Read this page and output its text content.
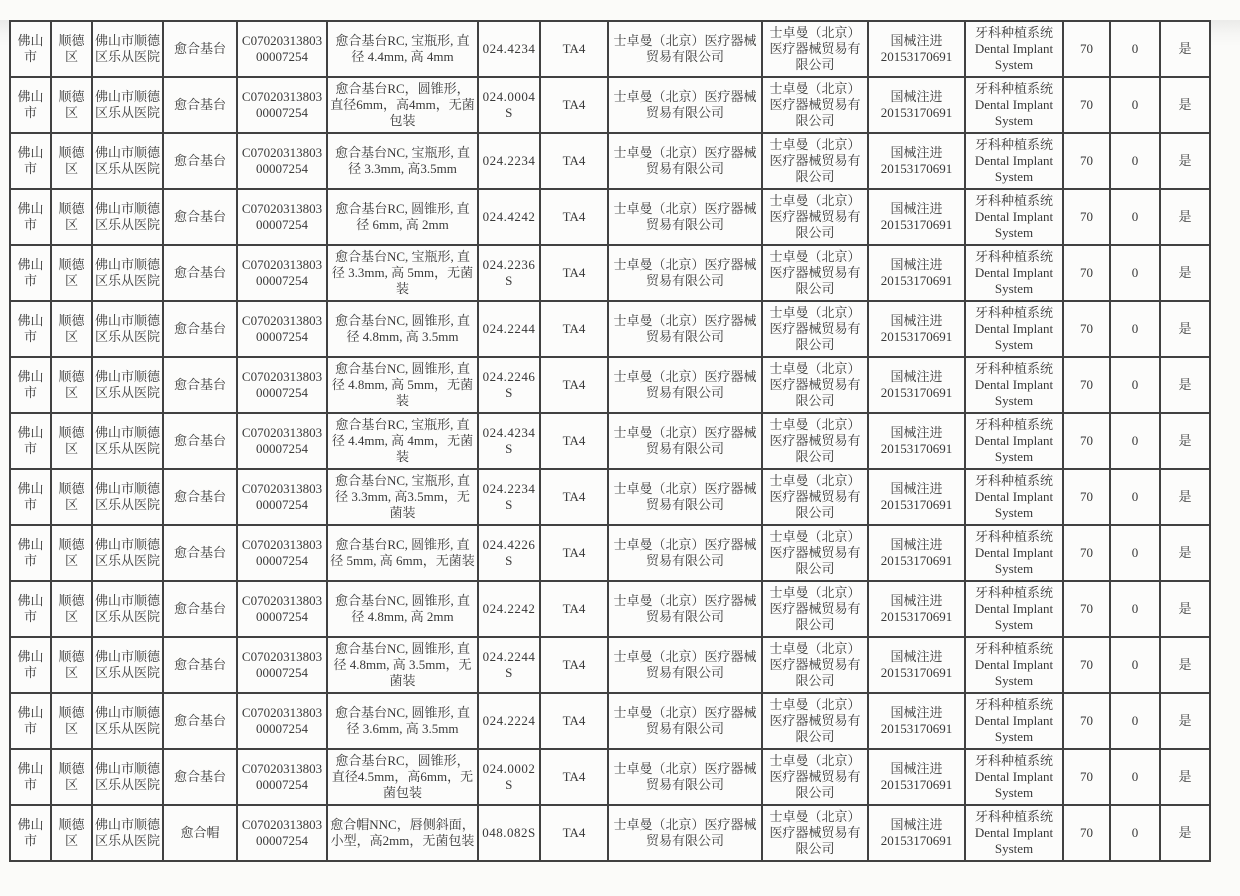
佛山市	顺德区	佛山市顺德区乐从医院	愈合基台	C0702031380300007254	愈合基台RC, 宝瓶形, 直径 4.4mm, 高 4mm	024.4234	TA4	士卓曼（北京）医疗器械贸易有限公司	士卓曼（北京）医疗器械贸易有限公司	国械注进 20153170691	牙科种植系统 Dental Implant System	70	0	是
佛山市	顺德区	佛山市顺德区乐从医院	愈合基台	C0702031380300007254	愈合基台RC，圆锥形，直径6mm，高4mm，无菌包装	024.0004S	TA4	士卓曼（北京）医疗器械贸易有限公司	士卓曼（北京）医疗器械贸易有限公司	国械注进 20153170691	牙科种植系统 Dental Implant System	70	0	是
佛山市	顺德区	佛山市顺德区乐从医院	愈合基台	C0702031380300007254	愈合基台NC, 宝瓶形, 直径 3.3mm, 高3.5mm	024.2234	TA4	士卓曼（北京）医疗器械贸易有限公司	士卓曼（北京）医疗器械贸易有限公司	国械注进 20153170691	牙科种植系统 Dental Implant System	70	0	是
佛山市	顺德区	佛山市顺德区乐从医院	愈合基台	C0702031380300007254	愈合基台RC, 圆锥形, 直径 6mm, 高 2mm	024.4242	TA4	士卓曼（北京）医疗器械贸易有限公司	士卓曼（北京）医疗器械贸易有限公司	国械注进 20153170691	牙科种植系统 Dental Implant System	70	0	是
佛山市	顺德区	佛山市顺德区乐从医院	愈合基台	C0702031380300007254	愈合基台NC, 宝瓶形, 直径 3.3mm, 高 5mm，无菌装	024.2236S	TA4	士卓曼（北京）医疗器械贸易有限公司	士卓曼（北京）医疗器械贸易有限公司	国械注进 20153170691	牙科种植系统 Dental Implant System	70	0	是
佛山市	顺德区	佛山市顺德区乐从医院	愈合基台	C0702031380300007254	愈合基台NC, 圆锥形, 直径 4.8mm, 高 3.5mm	024.2244	TA4	士卓曼（北京）医疗器械贸易有限公司	士卓曼（北京）医疗器械贸易有限公司	国械注进 20153170691	牙科种植系统 Dental Implant System	70	0	是
佛山市	顺德区	佛山市顺德区乐从医院	愈合基台	C0702031380300007254	愈合基台NC, 圆锥形, 直径 4.8mm, 高 5mm，无菌装	024.2246S	TA4	士卓曼（北京）医疗器械贸易有限公司	士卓曼（北京）医疗器械贸易有限公司	国械注进 20153170691	牙科种植系统 Dental Implant System	70	0	是
佛山市	顺德区	佛山市顺德区乐从医院	愈合基台	C0702031380300007254	愈合基台RC, 宝瓶形, 直径 4.4mm, 高 4mm，无菌装	024.4234S	TA4	士卓曼（北京）医疗器械贸易有限公司	士卓曼（北京）医疗器械贸易有限公司	国械注进 20153170691	牙科种植系统 Dental Implant System	70	0	是
佛山市	顺德区	佛山市顺德区乐从医院	愈合基台	C0702031380300007254	愈合基台NC, 宝瓶形, 直径 3.3mm, 高3.5mm，无菌装	024.2234S	TA4	士卓曼（北京）医疗器械贸易有限公司	士卓曼（北京）医疗器械贸易有限公司	国械注进 20153170691	牙科种植系统 Dental Implant System	70	0	是
佛山市	顺德区	佛山市顺德区乐从医院	愈合基台	C0702031380300007254	愈合基台RC, 圆锥形, 直径 5mm, 高 6mm，无菌装	024.4226S	TA4	士卓曼（北京）医疗器械贸易有限公司	士卓曼（北京）医疗器械贸易有限公司	国械注进 20153170691	牙科种植系统 Dental Implant System	70	0	是
佛山市	顺德区	佛山市顺德区乐从医院	愈合基台	C0702031380300007254	愈合基台NC, 圆锥形, 直径 4.8mm, 高 2mm	024.2242	TA4	士卓曼（北京）医疗器械贸易有限公司	士卓曼（北京）医疗器械贸易有限公司	国械注进 20153170691	牙科种植系统 Dental Implant System	70	0	是
佛山市	顺德区	佛山市顺德区乐从医院	愈合基台	C0702031380300007254	愈合基台NC, 圆锥形, 直径 4.8mm, 高 3.5mm，无菌装	024.2244S	TA4	士卓曼（北京）医疗器械贸易有限公司	士卓曼（北京）医疗器械贸易有限公司	国械注进 20153170691	牙科种植系统 Dental Implant System	70	0	是
佛山市	顺德区	佛山市顺德区乐从医院	愈合基台	C0702031380300007254	愈合基台NC, 圆锥形, 直径 3.6mm, 高 3.5mm	024.2224	TA4	士卓曼（北京）医疗器械贸易有限公司	士卓曼（北京）医疗器械贸易有限公司	国械注进 20153170691	牙科种植系统 Dental Implant System	70	0	是
佛山市	顺德区	佛山市顺德区乐从医院	愈合基台	C0702031380300007254	愈合基台RC，圆锥形，直径4.5mm，高6mm，无菌包装	024.0002S	TA4	士卓曼（北京）医疗器械贸易有限公司	士卓曼（北京）医疗器械贸易有限公司	国械注进 20153170691	牙科种植系统 Dental Implant System	70	0	是
佛山市	顺德区	佛山市顺德区乐从医院	愈合帽	C0702031380300007254	愈合帽NNC，唇侧斜面，小型，高2mm，无菌包装	048.082S	TA4	士卓曼（北京）医疗器械贸易有限公司	士卓曼（北京）医疗器械贸易有限公司	国械注进 20153170691	牙科种植系统 Dental Implant System	70	0	是
